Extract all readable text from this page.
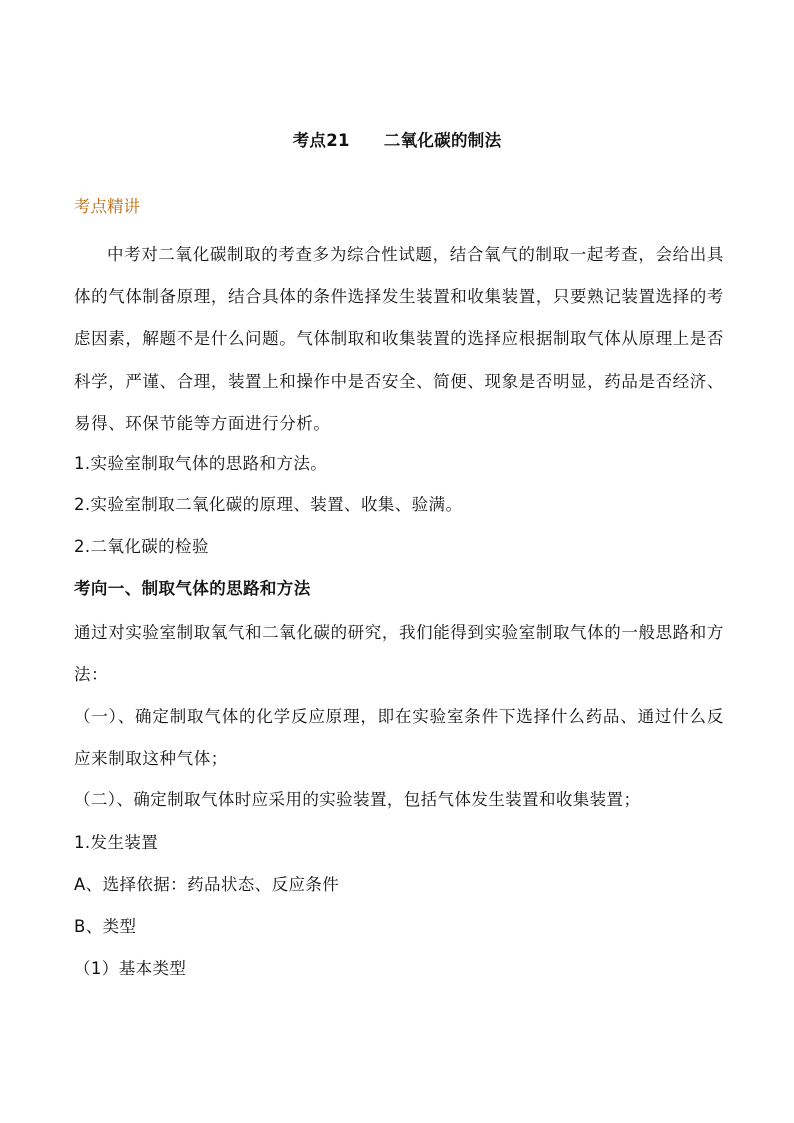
考点21 二氧化碳的制法
考点精讲
中考对二氧化碳制取的考查多为综合性试题，结合氧气的制取一起考查，会给出具体的气体制备原理，结合具体的条件选择发生装置和收集装置，只要熟记装置选择的考虑因素，解题不是什么问题。气体制取和收集装置的选择应根据制取气体从原理上是否科学，严谨、合理，装置上和操作中是否安全、简便、现象是否明显，药品是否经济、易得、环保节能等方面进行分析。
1.实验室制取气体的思路和方法。
2.实验室制取二氧化碳的原理、装置、收集、验满。
2.二氧化碳的检验
考向一、制取气体的思路和方法
通过对实验室制取氧气和二氧化碳的研究，我们能得到实验室制取气体的一般思路和方法：
（一）、确定制取气体的化学反应原理，即在实验室条件下选择什么药品、通过什么反应来制取这种气体；
（二）、确定制取气体时应采用的实验装置，包括气体发生装置和收集装置；
1.发生装置
A、选择依据：药品状态、反应条件
B、类型
（1）基本类型
